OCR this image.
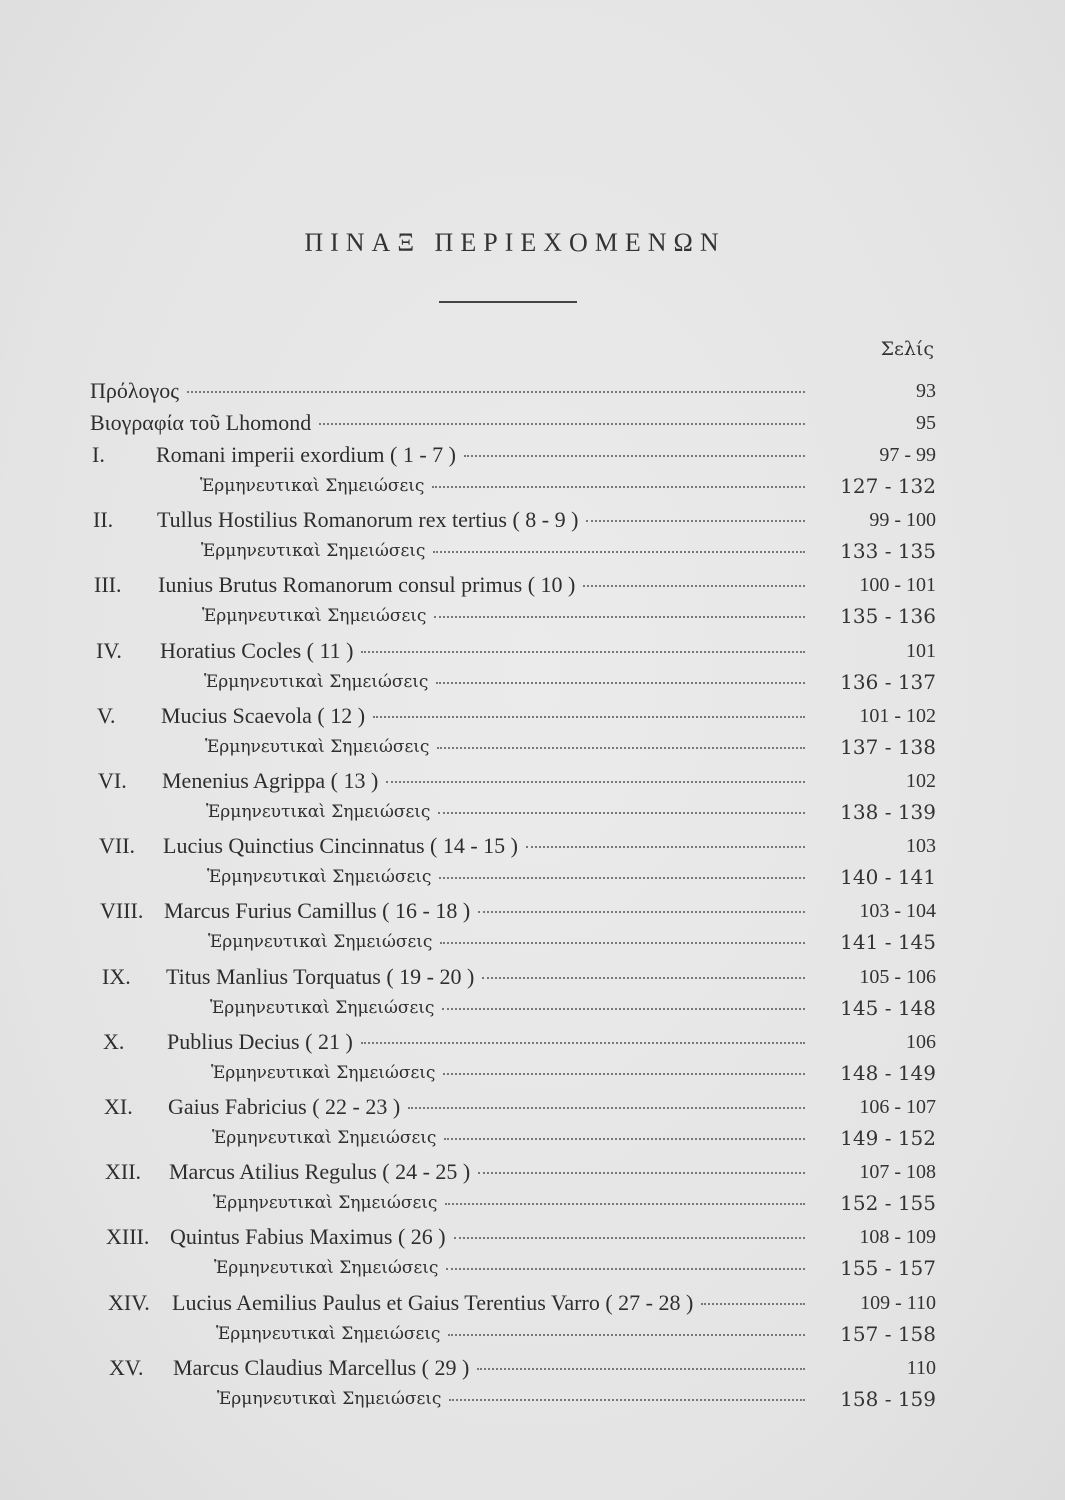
ΠΙΝΑΞ ΠΕΡΙΕΧΟΜΕΝΩΝ
Σελίς
Πρόλογος	93
Βιογραφία τοῦ Lhomond	95
I. Romani imperii exordium ( 1 - 7 )	97 - 99
Ἑρμηνευτικαὶ Σημειώσεις	127 - 132
II. Tullus Hostilius Romanorum rex tertius ( 8 - 9 )	99 - 100
Ἑρμηνευτικαὶ Σημειώσεις	133 - 135
III. Iunius Brutus Romanorum consul primus ( 10 )	100 - 101
Ἑρμηνευτικαὶ Σημειώσεις	135 - 136
IV. Horatius Cocles ( 11 )	101
Ἑρμηνευτικαὶ Σημειώσεις	136 - 137
V. Mucius Scaevola ( 12 )	101 - 102
Ἑρμηνευτικαὶ Σημειώσεις	137 - 138
VI. Menenius Agrippa ( 13 )	102
Ἑρμηνευτικαὶ Σημειώσεις	138 - 139
VII. Lucius Quinctius Cincinnatus ( 14 - 15 )	103
Ἑρμηνευτικαὶ Σημειώσεις	140 - 141
VIII. Marcus Furius Camillus ( 16 - 18 )	103 - 104
Ἑρμηνευτικαὶ Σημειώσεις	141 - 145
IX. Titus Manlius Torquatus ( 19 - 20 )	105 - 106
Ἑρμηνευτικαὶ Σημειώσεις	145 - 148
X. Publius Decius ( 21 )	106
Ἑρμηνευτικαὶ Σημειώσεις	148 - 149
XI. Gaius Fabricius ( 22 - 23 )	106 - 107
Ἑρμηνευτικαὶ Σημειώσεις	149 - 152
XII. Marcus Atilius Regulus ( 24 - 25 )	107 - 108
Ἑρμηνευτικαὶ Σημειώσεις	152 - 155
XIII. Quintus Fabius Maximus ( 26 )	108 - 109
Ἑρμηνευτικαὶ Σημειώσεις	155 - 157
XIV. Lucius Aemilius Paulus et Gaius Terentius Varro ( 27 - 28 )	109 - 110
Ἑρμηνευτικαὶ Σημειώσεις	157 - 158
XV. Marcus Claudius Marcellus ( 29 )	110
Ἑρμηνευτικαὶ Σημειώσεις	158 - 159
